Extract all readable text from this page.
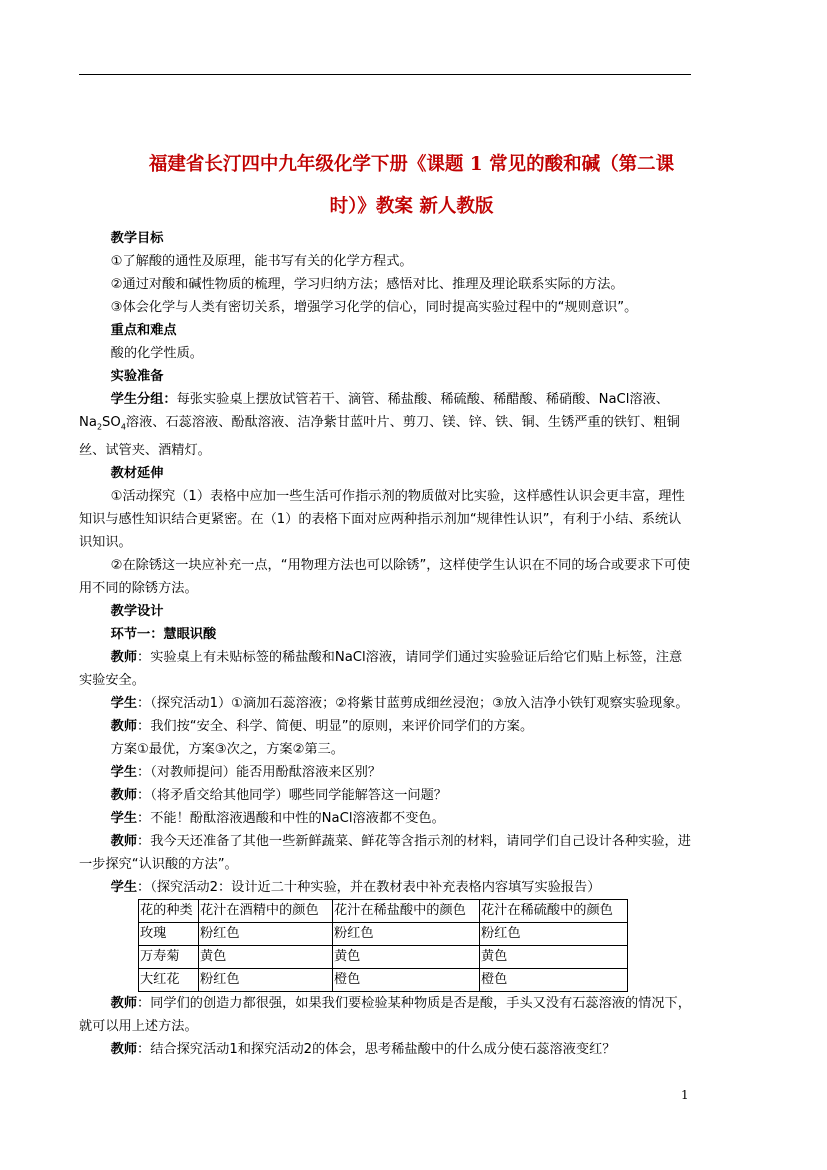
福建省长汀四中九年级化学下册《课题 1 常见的酸和碱（第二课
时）》教案 新人教版

教学目标

①了解酸的通性及原理，能书写有关的化学方程式。

②通过对酸和碱性物质的梳理，学习归纳方法；感悟对比、推理及理论联系实际的方法。

③体会化学与人类有密切关系，增强学习化学的信心，同时提高实验过程中的“规则意识”。

重点和难点

酸的化学性质。

实验准备

学生分组：每张实验桌上摆放试管若干、滴管、稀盐酸、稀硫酸、稀醋酸、稀硝酸、NaCl溶液、$Na_2SO_4$溶液、石蕊溶液、酚酞溶液、洁净紫甘蓝叶片、剪刀、镁、锌、铁、铜、生锈严重的铁钉、粗铜丝、试管夹、酒精灯。

教材延伸

①活动探究（1）表格中应加一些生活可作指示剂的物质做对比实验，这样感性认识会更丰富，理性知识与感性知识结合更紧密。在（1）的表格下面对应两种指示剂加“规律性认识”，有利于小结、系统认识知识。

②在除锈这一块应补充一点，“用物理方法也可以除锈”，这样使学生认识在不同的场合或要求下可使用不同的除锈方法。

教学设计

环节一：慧眼识酸

教师：实验桌上有未贴标签的稀盐酸和NaCl溶液，请同学们通过实验验证后给它们贴上标签，注意实验安全。

学生：（探究活动1）①滴加石蕊溶液；②将紫甘蓝剪成细丝浸泡；③放入洁净小铁钉观察实验现象。

教师：我们按“安全、科学、简便、明显”的原则，来评价同学们的方案。

方案①最优，方案③次之，方案②第三。

学生：（对教师提问）能否用酚酞溶液来区别？

教师：（将矛盾交给其他同学）哪些同学能解答这一问题？

学生：不能！酚酞溶液遇酸和中性的NaCl溶液都不变色。

教师：我今天还准备了其他一些新鲜蔬菜、鲜花等含指示剂的材料，请同学们自己设计各种实验，进一步探究“认识酸的方法”。

学生：（探究活动2：设计近二十种实验，并在教材表中补充表格内容填写实验报告）

花的种类	花汁在酒精中的颜色	花汁在稀盐酸中的颜色	花汁在稀硫酸中的颜色
玫瑰	粉红色	粉红色	粉红色
万寿菊	黄色	黄色	黄色
大红花	粉红色	橙色	橙色

教师：同学们的创造力都很强，如果我们要检验某种物质是否是酸，手头又没有石蕊溶液的情况下，就可以用上述方法。

教师：结合探究活动1和探究活动2的体会，思考稀盐酸中的什么成分使石蕊溶液变红？

1
